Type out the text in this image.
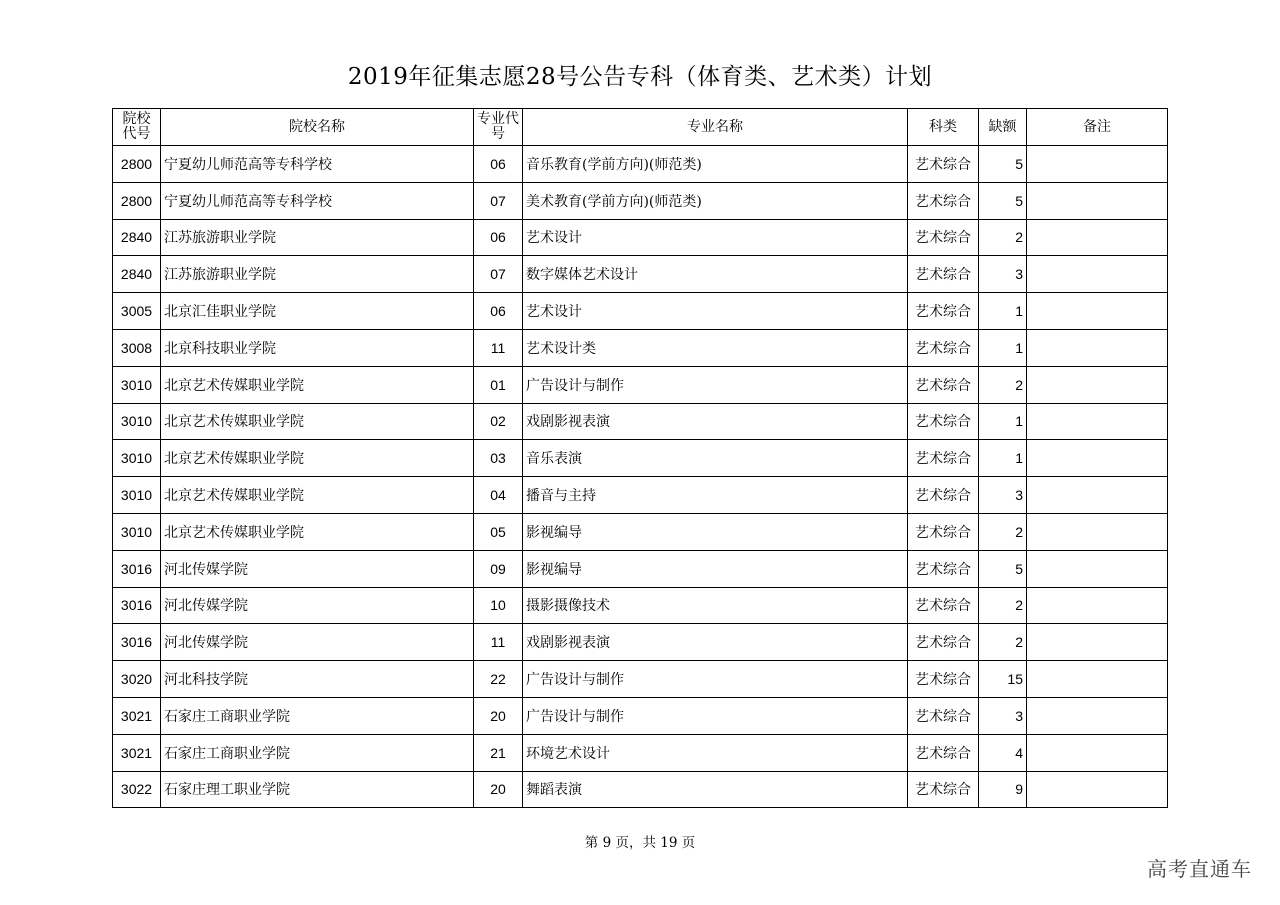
2019年征集志愿28号公告专科（体育类、艺术类）计划
院校代号	院校名称	专业代号	专业名称	科类	缺额	备注
2800	宁夏幼儿师范高等专科学校	06	音乐教育(学前方向)(师范类)	艺术综合	5	
2800	宁夏幼儿师范高等专科学校	07	美术教育(学前方向)(师范类)	艺术综合	5	
2840	江苏旅游职业学院	06	艺术设计	艺术综合	2	
2840	江苏旅游职业学院	07	数字媒体艺术设计	艺术综合	3	
3005	北京汇佳职业学院	06	艺术设计	艺术综合	1	
3008	北京科技职业学院	11	艺术设计类	艺术综合	1	
3010	北京艺术传媒职业学院	01	广告设计与制作	艺术综合	2	
3010	北京艺术传媒职业学院	02	戏剧影视表演	艺术综合	1	
3010	北京艺术传媒职业学院	03	音乐表演	艺术综合	1	
3010	北京艺术传媒职业学院	04	播音与主持	艺术综合	3	
3010	北京艺术传媒职业学院	05	影视编导	艺术综合	2	
3016	河北传媒学院	09	影视编导	艺术综合	5	
3016	河北传媒学院	10	摄影摄像技术	艺术综合	2	
3016	河北传媒学院	11	戏剧影视表演	艺术综合	2	
3020	河北科技学院	22	广告设计与制作	艺术综合	15	
3021	石家庄工商职业学院	20	广告设计与制作	艺术综合	3	
3021	石家庄工商职业学院	21	环境艺术设计	艺术综合	4	
3022	石家庄理工职业学院	20	舞蹈表演	艺术综合	9	
第 9 页，共 19 页
高考直通车
